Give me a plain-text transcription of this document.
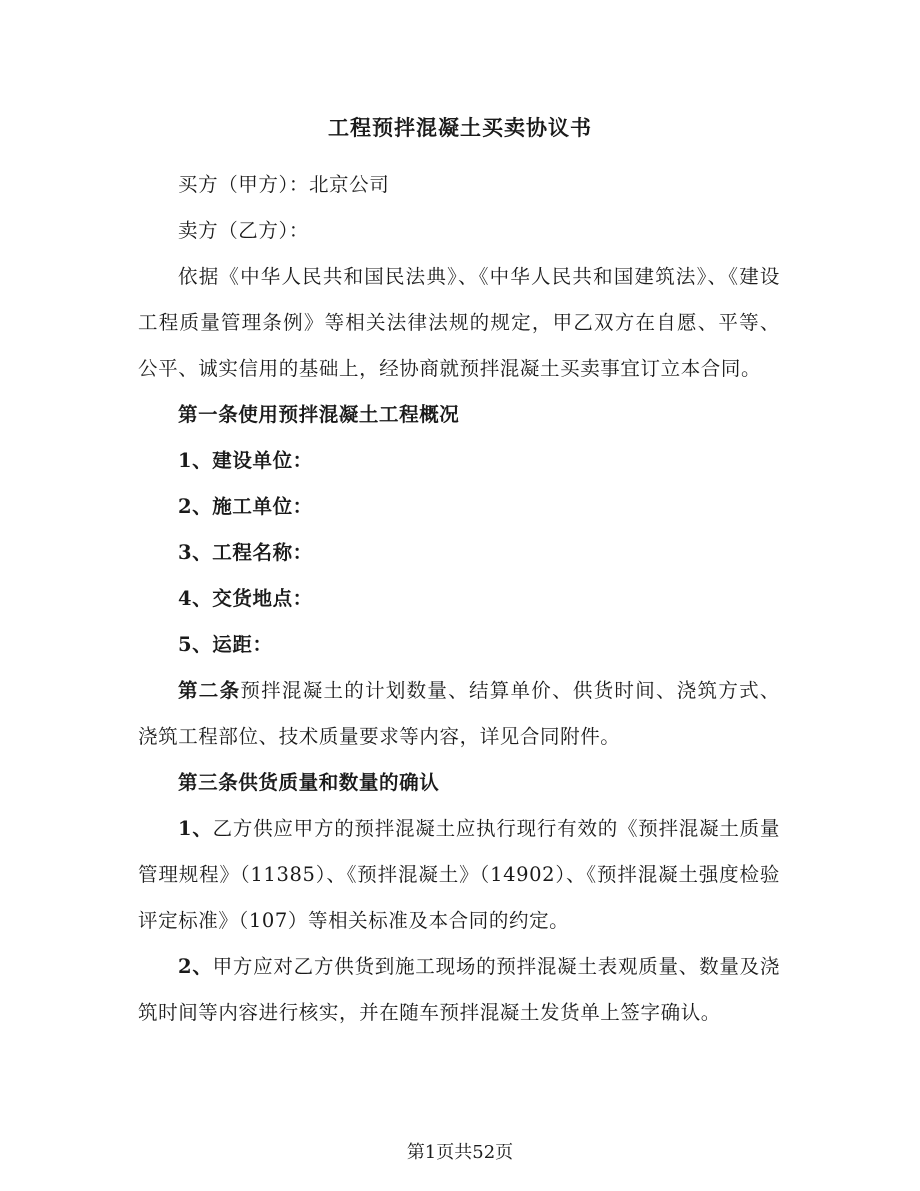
工程预拌混凝土买卖协议书

买方（甲方）：北京公司

卖方（乙方）：

依据《中华人民共和国民法典》、《中华人民共和国建筑法》、《建设工程质量管理条例》等相关法律法规的规定，甲乙双方在自愿、平等、公平、诚实信用的基础上，经协商就预拌混凝土买卖事宜订立本合同。

第一条使用预拌混凝土工程概况

1、建设单位：

2、施工单位：

3、工程名称：

4、交货地点：

5、运距：

第二条预拌混凝土的计划数量、结算单价、供货时间、浇筑方式、浇筑工程部位、技术质量要求等内容，详见合同附件。

第三条供货质量和数量的确认

1、乙方供应甲方的预拌混凝土应执行现行有效的《预拌混凝土质量管理规程》（11385）、《预拌混凝土》（14902）、《预拌混凝土强度检验评定标准》（107）等相关标准及本合同的约定。

2、甲方应对乙方供货到施工现场的预拌混凝土表观质量、数量及浇筑时间等内容进行核实，并在随车预拌混凝土发货单上签字确认。

第1页共52页
